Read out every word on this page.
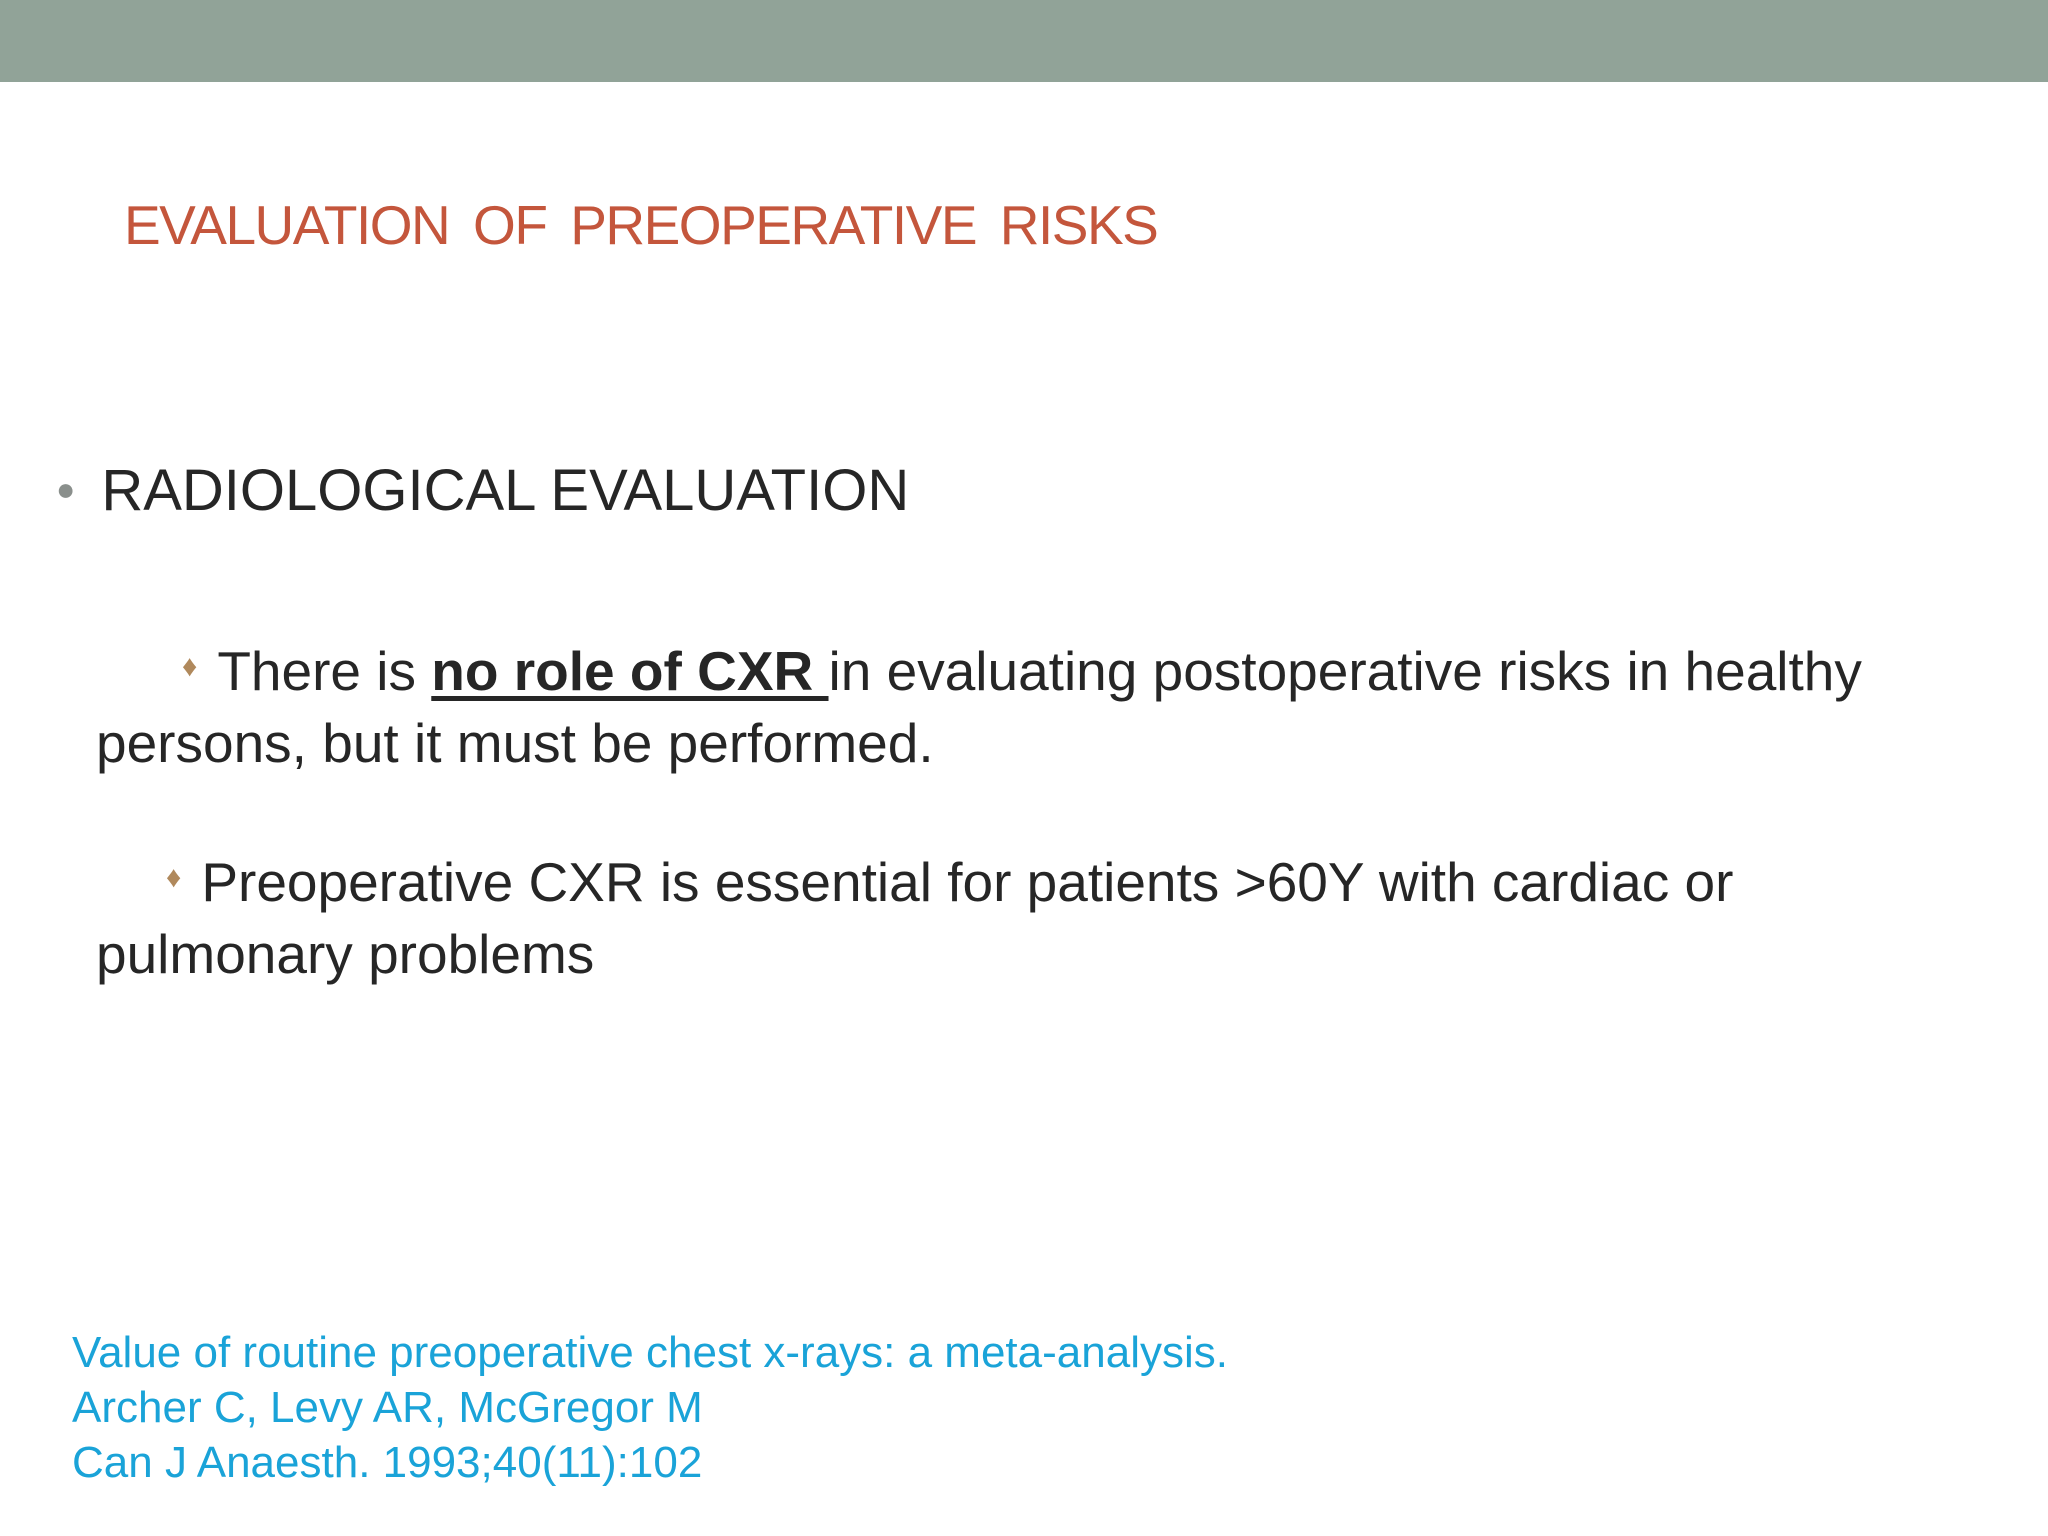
EVALUATION OF PREOPERATIVE RISKS
● RADIOLOGICAL EVALUATION
♦ There is no role of CXR in evaluating postoperative risks in healthy persons, but it must be performed.
♦ Preoperative CXR is essential for patients >60Y with cardiac or pulmonary problems
Value of routine preoperative chest x-rays: a meta-analysis.
Archer C, Levy AR, McGregor M
Can J Anaesth. 1993;40(11):102
